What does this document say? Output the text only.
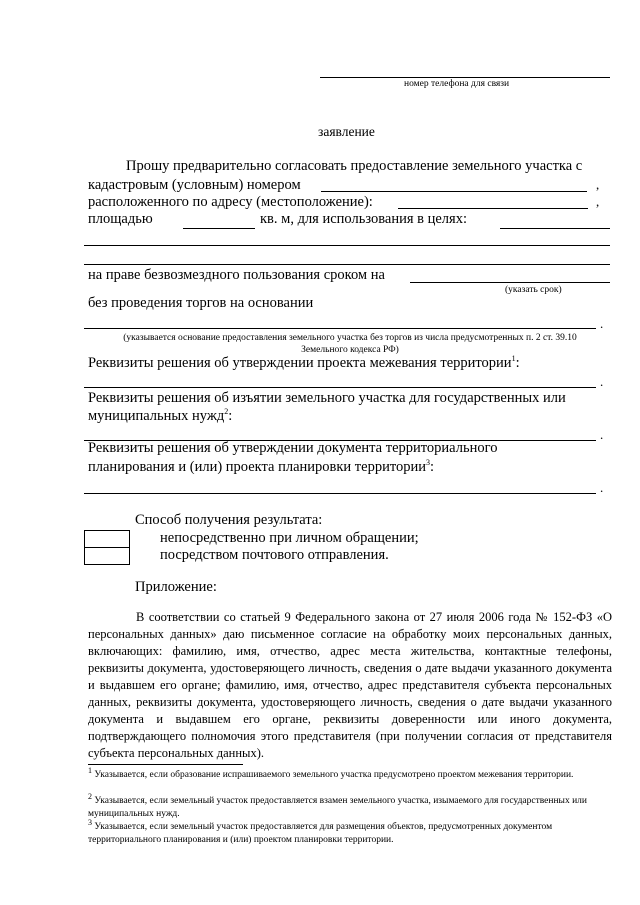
номер телефона для связи
заявление
Прошу предварительно согласовать предоставление земельного участка с
кадастровым (условным) номером	,
расположенного по адресу (местоположение):	,
площадью	кв. м, для использования в целях:
на праве безвозмездного пользования сроком на
(указать срок)
без проведения торгов на основании
.
(указывается основание предоставления земельного участка без торгов из числа предусмотренных п. 2 ст. 39.10 Земельного кодекса РФ)
Реквизиты решения об утверждении проекта межевания территории$^1$:
.
Реквизиты решения об изъятии земельного участка для государственных или
муниципальных нужд$^2$:
.
Реквизиты решения об утверждении документа территориального
планирования и (или) проекта планировки территории$^3$:
.
Способ получения результата:
непосредственно при личном обращении;
посредством почтового отправления.
Приложение:
В соответствии со статьей 9 Федерального закона от 27 июля 2006 года № 152-ФЗ «О персональных данных» даю письменное согласие на обработку моих персональных данных, включающих: фамилию, имя, отчество, адрес места жительства, контактные телефоны, реквизиты документа, удостоверяющего личность, сведения о дате выдачи указанного документа и выдавшем его органе; фамилию, имя, отчество, адрес представителя субъекта персональных данных, реквизиты документа, удостоверяющего личность, сведения о дате выдачи указанного документа и выдавшем его органе, реквизиты доверенности или иного документа, подтверждающего полномочия этого представителя (при получении согласия от представителя субъекта персональных данных).
$^1$ Указывается, если образование испрашиваемого земельного участка предусмотрено проектом межевания территории.
$^2$ Указывается, если земельный участок предоставляется взамен земельного участка, изымаемого для государственных или муниципальных нужд.
$^3$ Указывается, если земельный участок предоставляется для размещения объектов, предусмотренных документом территориального планирования и (или) проектом планировки территории.
